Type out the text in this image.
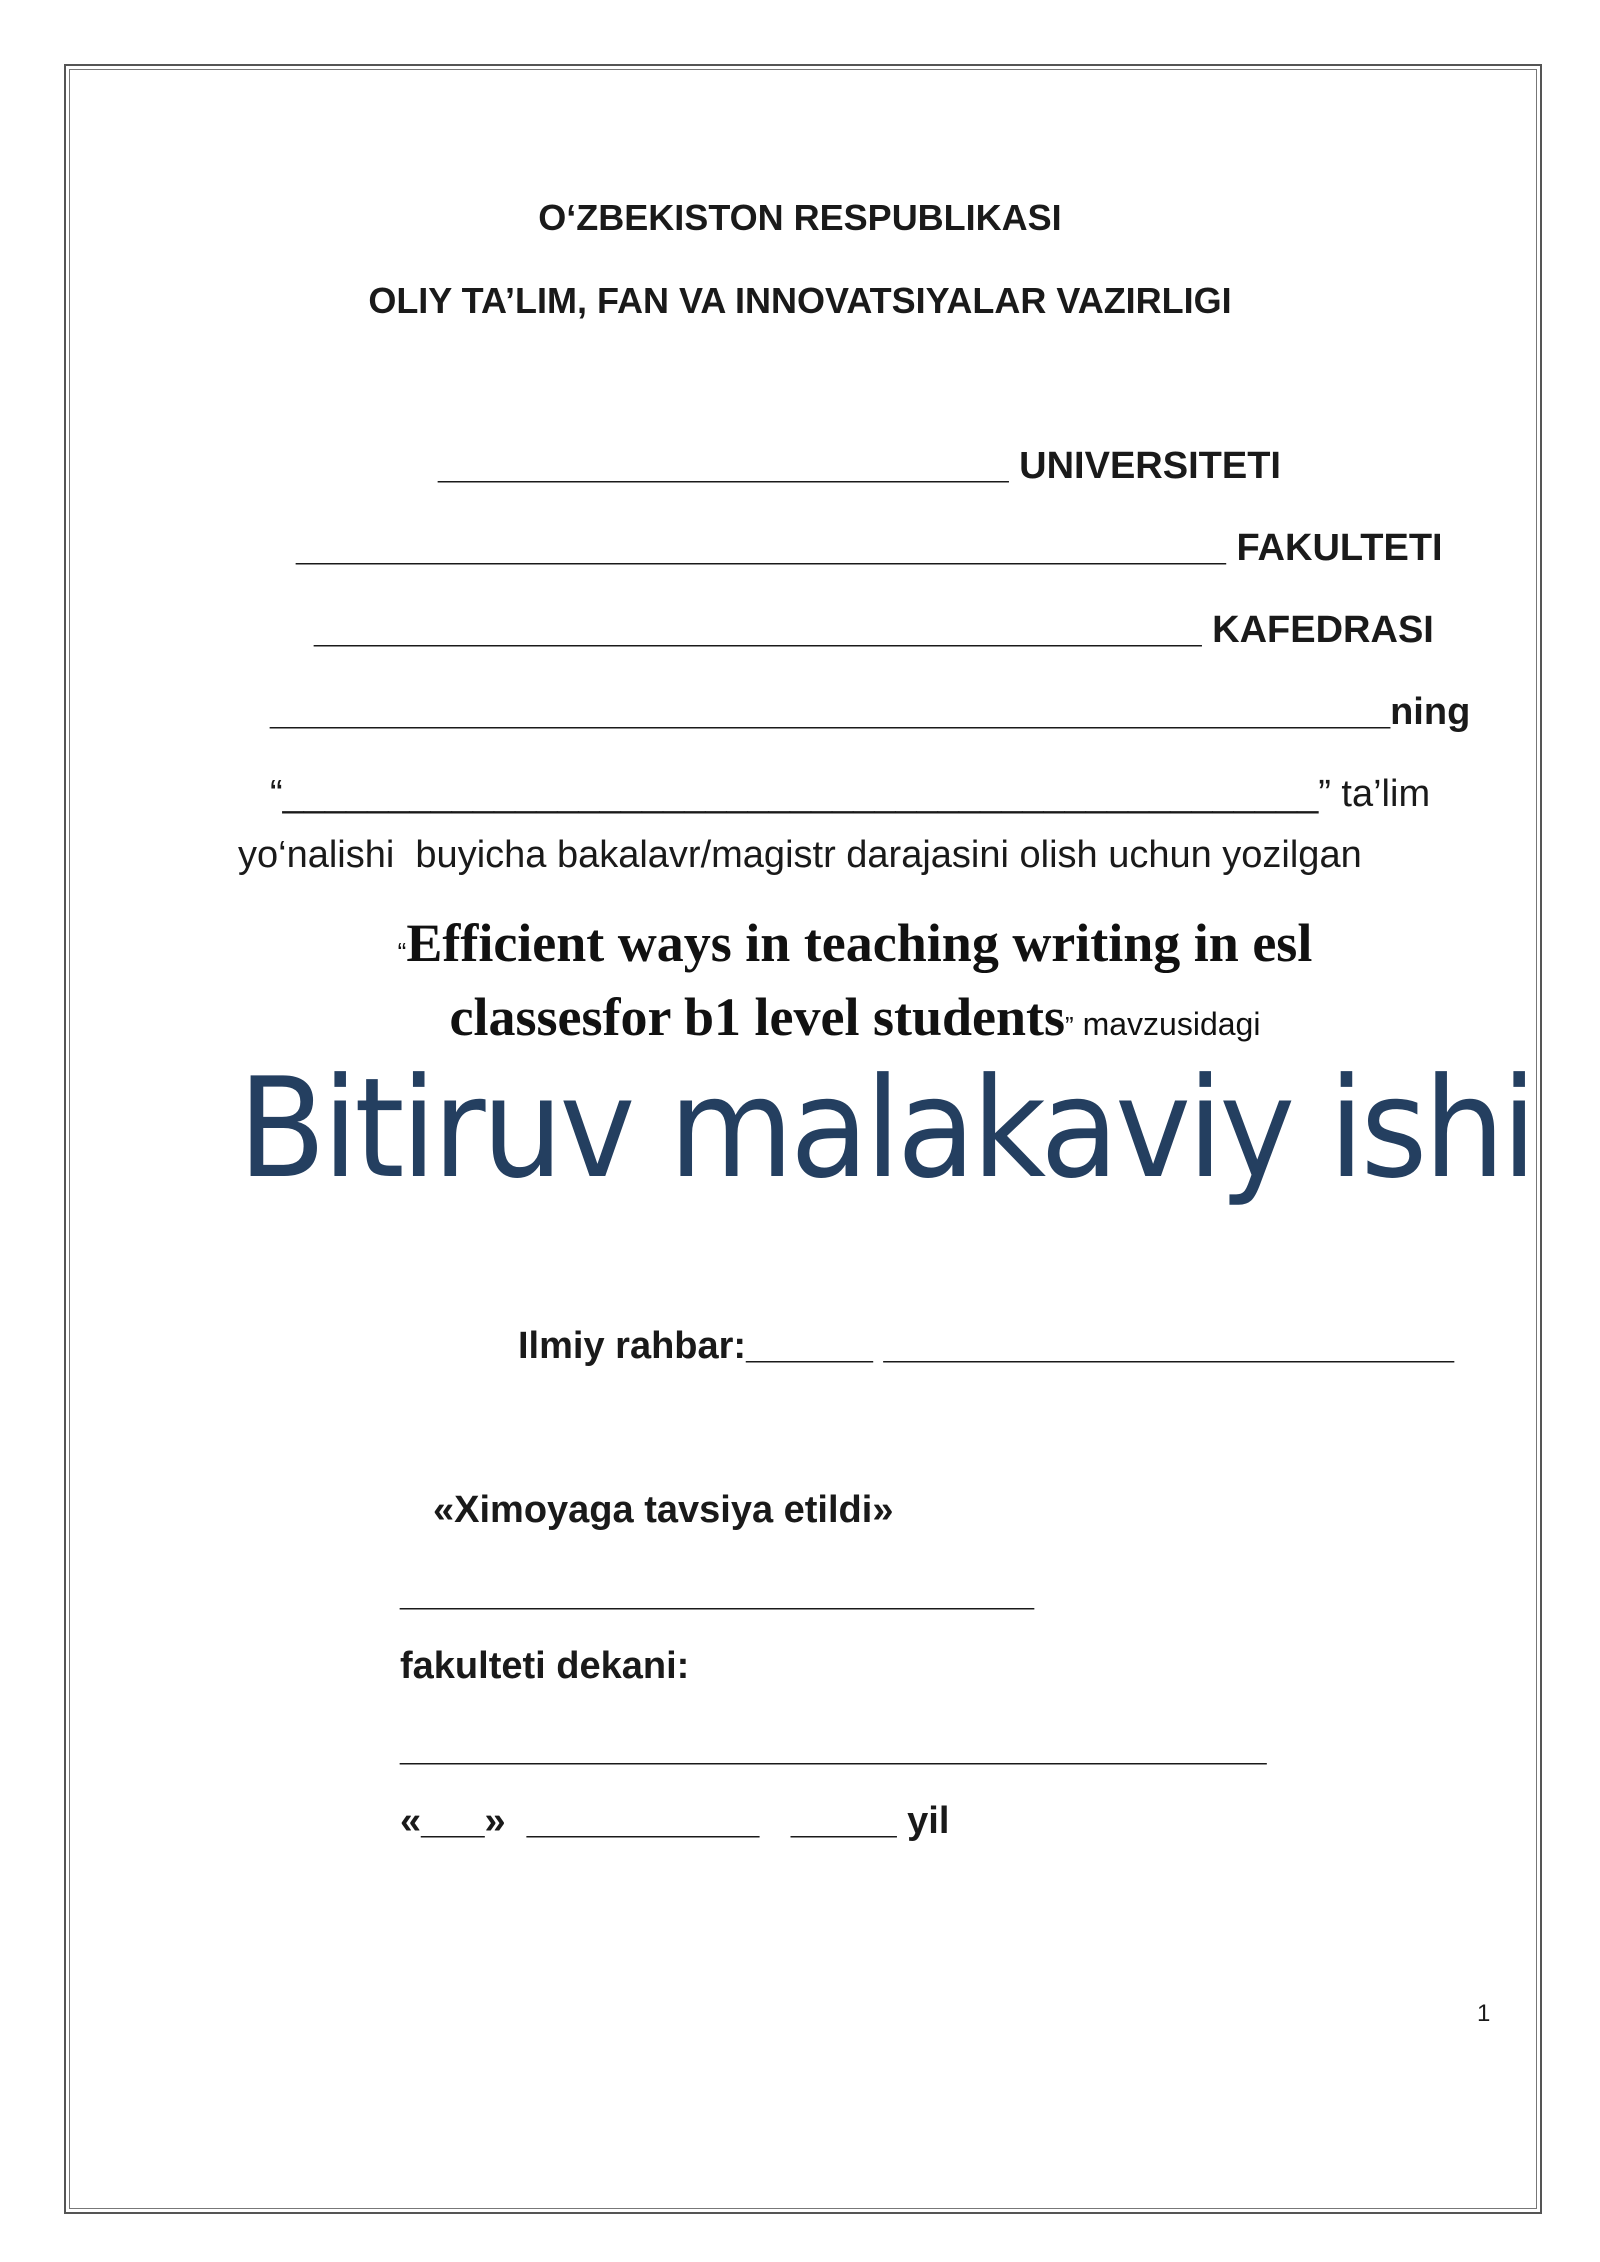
O‘ZBEKISTON RESPUBLIKASI
OLIY TA’LIM, FAN VA INNOVATSIYALAR VAZIRLIGI
___________________________ UNIVERSITETI
____________________________________________ FAKULTETI
__________________________________________ KAFEDRASI
_____________________________________________________ning
“_________________________________________________” ta’lim
yo‘nalishi  buyicha bakalavr/magistr darajasini olish uchun yozilgan
“Efficient ways in teaching writing in esl
classesfor b1 level students” mavzusidagi
Bitiruv malakaviy ishi
Ilmiy rahbar:______ ___________________________
«Ximoyaga tavsiya etildi»
______________________________
fakulteti dekani:
_________________________________________
«___»  ___________   _____ yil
1
